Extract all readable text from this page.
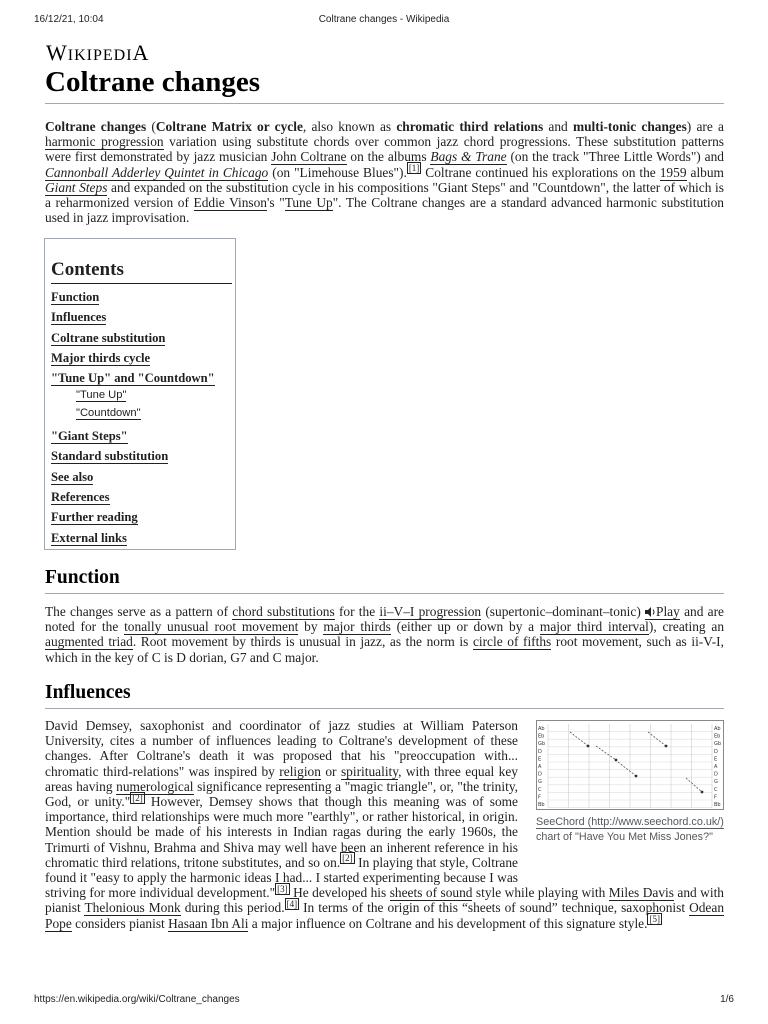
16/12/21, 10:04	Coltrane changes - Wikipedia
WIKIPEDIA
Coltrane changes

Coltrane changes (Coltrane Matrix or cycle, also known as chromatic third relations and multi-tonic changes) are a harmonic progression variation using substitute chords over common jazz chord progressions. These substitution patterns were first demonstrated by jazz musician John Coltrane on the albums Bags & Trane (on the track "Three Little Words") and Cannonball Adderley Quintet in Chicago (on "Limehouse Blues"). [1] Coltrane continued his explorations on the 1959 album Giant Steps and expanded on the substitution cycle in his compositions "Giant Steps" and "Countdown", the latter of which is a reharmonized version of Eddie Vinson's "Tune Up". The Coltrane changes are a standard advanced harmonic substitution used in jazz improvisation.

Contents
Function
Influences
Coltrane substitution
Major thirds cycle
"Tune Up" and "Countdown"
"Tune Up"
"Countdown"
"Giant Steps"
Standard substitution
See also
References
Further reading
External links
Function

The changes serve as a pattern of chord substitutions for the ii–V–I progression (supertonic–dominant–tonic) Play and are noted for the tonally unusual root movement by major thirds (either up or down by a major third interval), creating an augmented triad. Root movement by thirds is unusual in jazz, as the norm is circle of fifths root movement, such as ii-V-I, which in the key of C is D dorian, G7 and C major.

Influences
Ab	Ab
Eb	Eb
Gb	Gb
D	D
E	E
A	A
D	D
G	G
C	C
F	F
Bb	Bb
SeeChord (http://www.seechord.co.uk/) chart of "Have You Met Miss Jones?"

David Demsey, saxophonist and coordinator of jazz studies at William Paterson University, cites a number of influences leading to Coltrane's development of these changes. After Coltrane's death it was proposed that his "preoccupation with... chromatic third-relations" was inspired by religion or spirituality, with three equal key areas having numerological significance representing a "magic triangle", or, "the trinity, God, or unity." [2] However, Demsey shows that though this meaning was of some importance, third relationships were much more "earthly", or rather historical, in origin. Mention should be made of his interests in Indian ragas during the early 1960s, the Trimurti of Vishnu, Brahma and Shiva may well have been an inherent reference in his chromatic third relations, tritone substitutes, and so on. [2] In playing that style, Coltrane found it "easy to apply the harmonic ideas I had... I started experimenting because I was striving for more individual development." [3] He developed his sheets of sound style while playing with Miles Davis and with pianist Thelonious Monk during this period. [4] In terms of the origin of this “sheets of sound” technique, saxophonist Odean Pope considers pianist Hasaan Ibn Ali a major influence on Coltrane and his development of this signature style. [5]

https://en.wikipedia.org/wiki/Coltrane_changes	1/6
